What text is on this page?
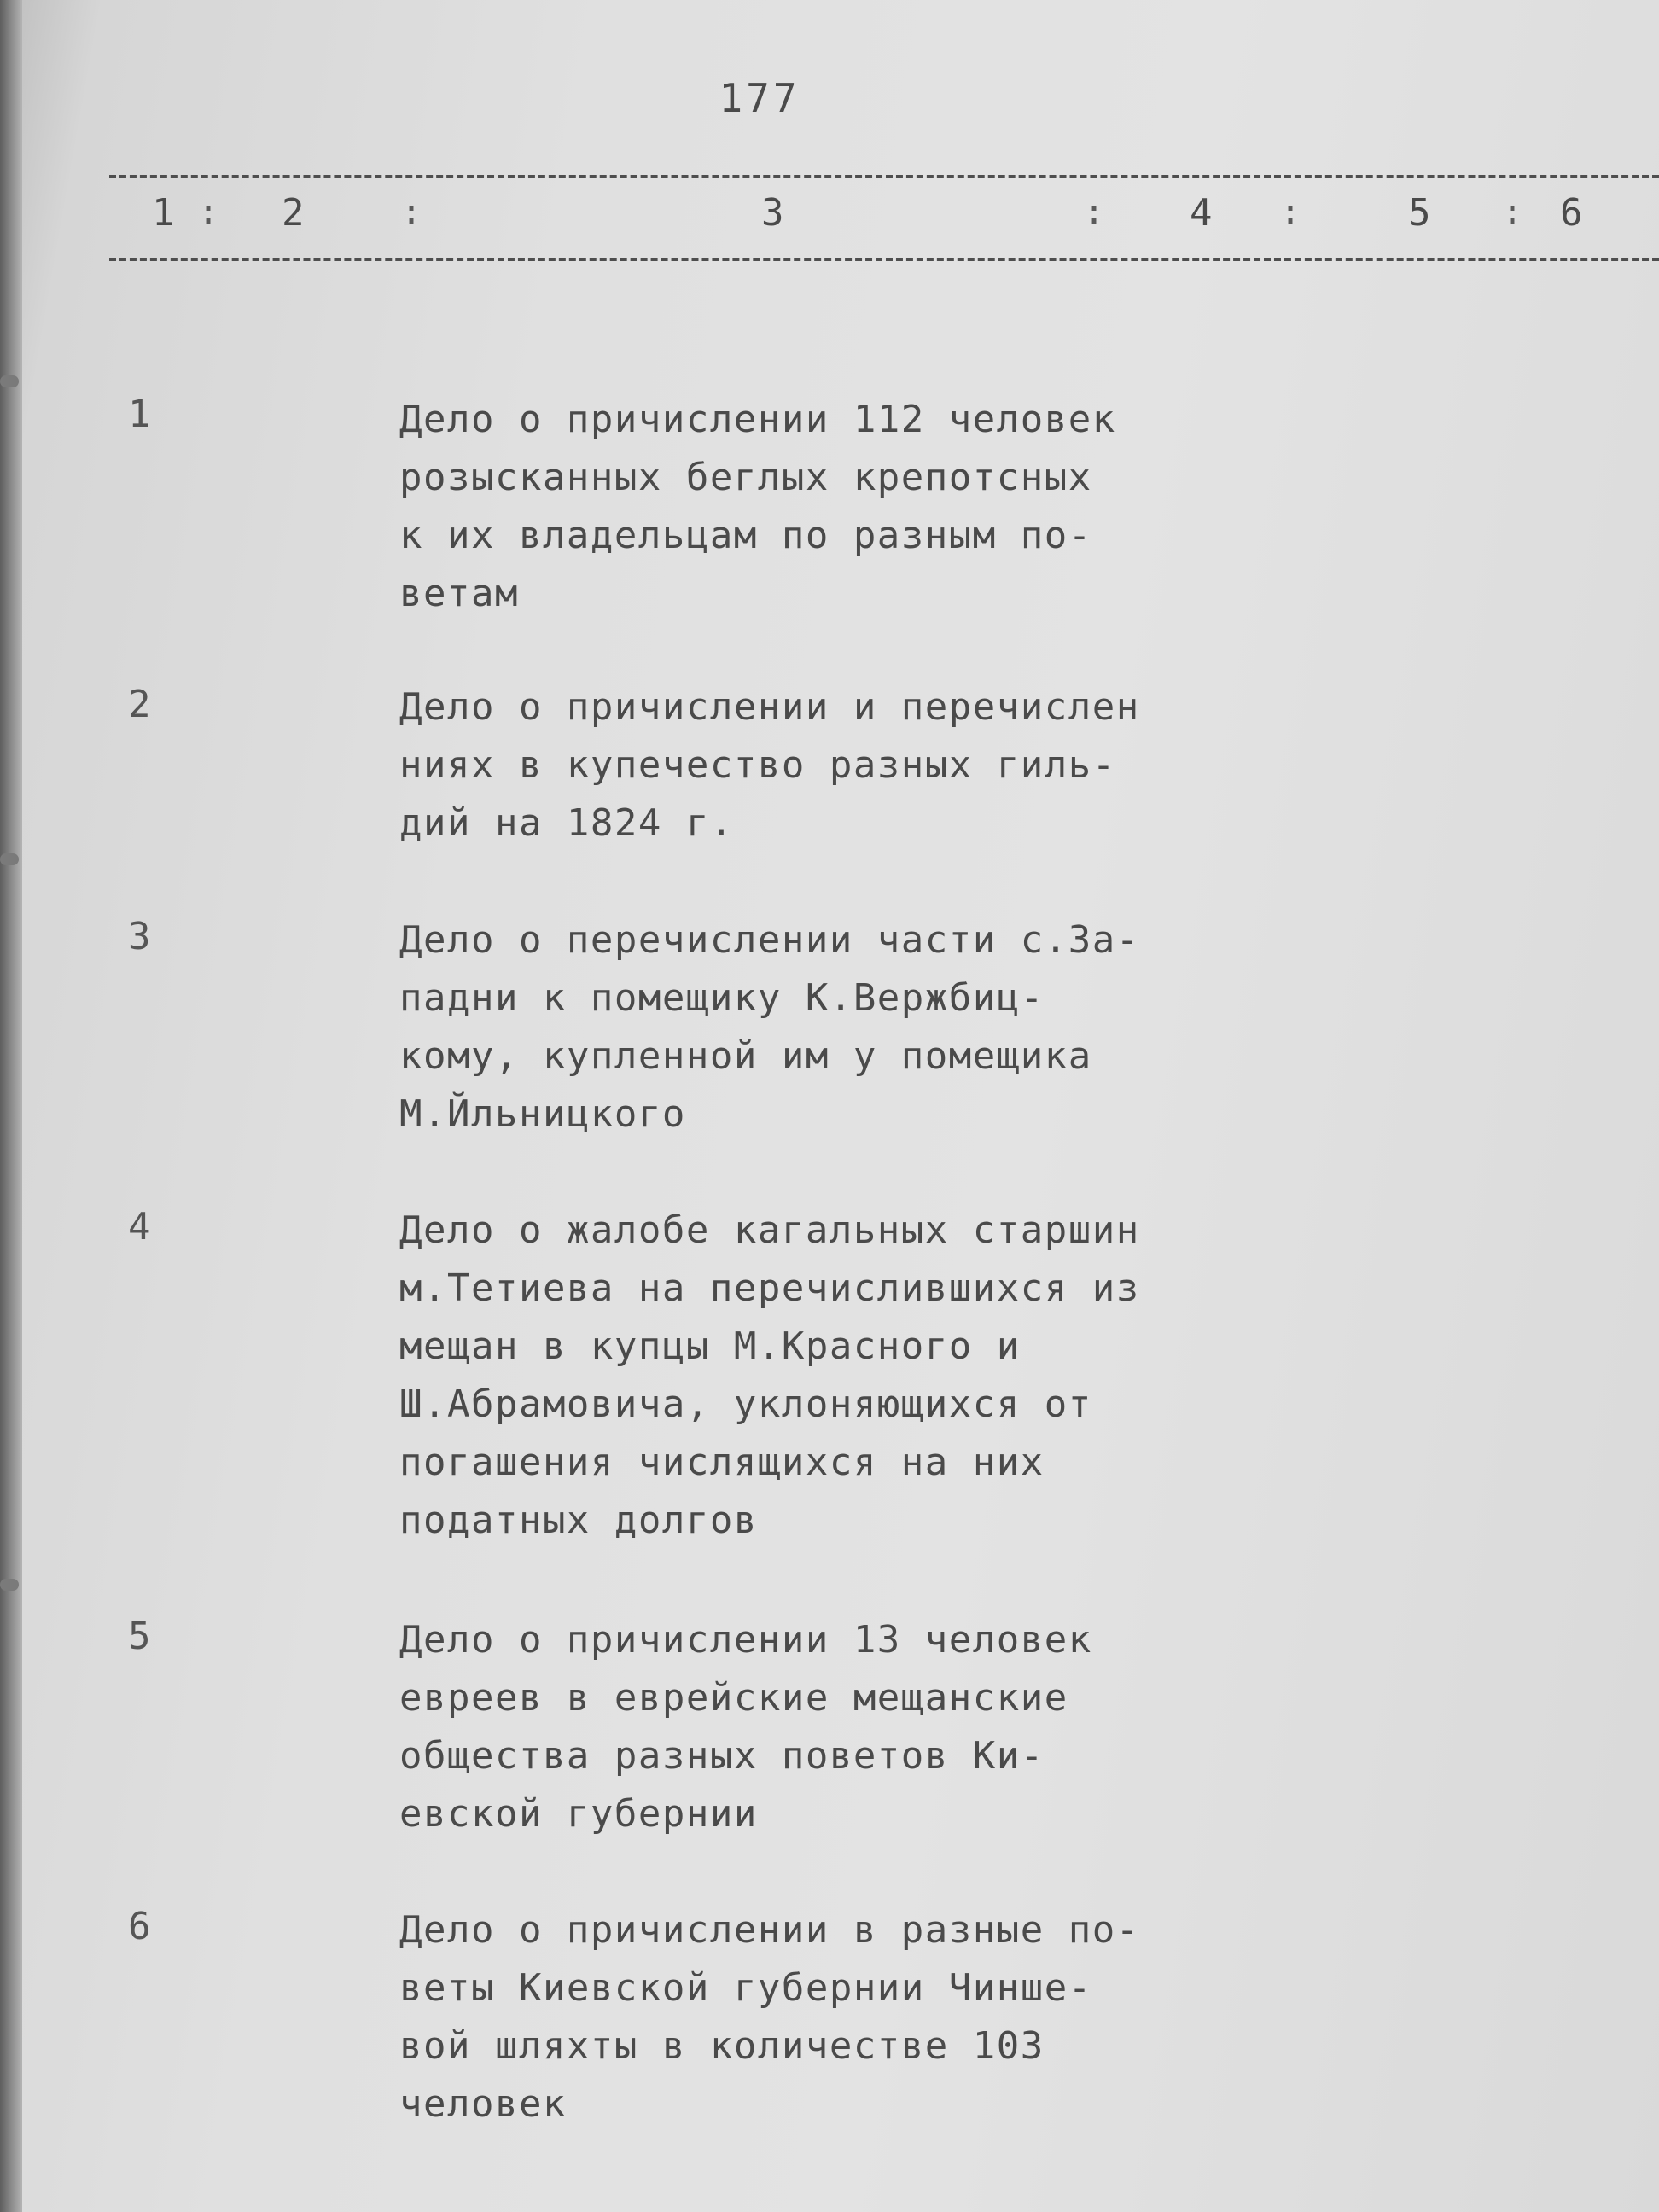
177
1 : 2	:	3	: 4 :	5 : 6
1	Дело о причислении 112 человек
розысканных беглых крепотсных
к их владельцам по разным по-
ветам
2	Дело о причислении и перечислен
ниях в купечество разных гиль-
дий на 1824 г.
3	Дело о перечислении части с.За-
падни к помещику К.Вержбиц-
кому, купленной им у помещика
М.Йльницкого
4	Дело о жалобе кагальных старшин
м.Тетиева на перечислившихся из
мещан в купцы М.Красного и
Ш.Абрамовича, уклоняющихся от
погашения числящихся на них
податных долгов
5	Дело о причислении 13 человек
евреев в еврейские мещанские
общества разных поветов Ки-
евской губернии
6	Дело о причислении в разные по-
веты Киевской губернии Чинше-
вой шляхты в количестве 103
человек
